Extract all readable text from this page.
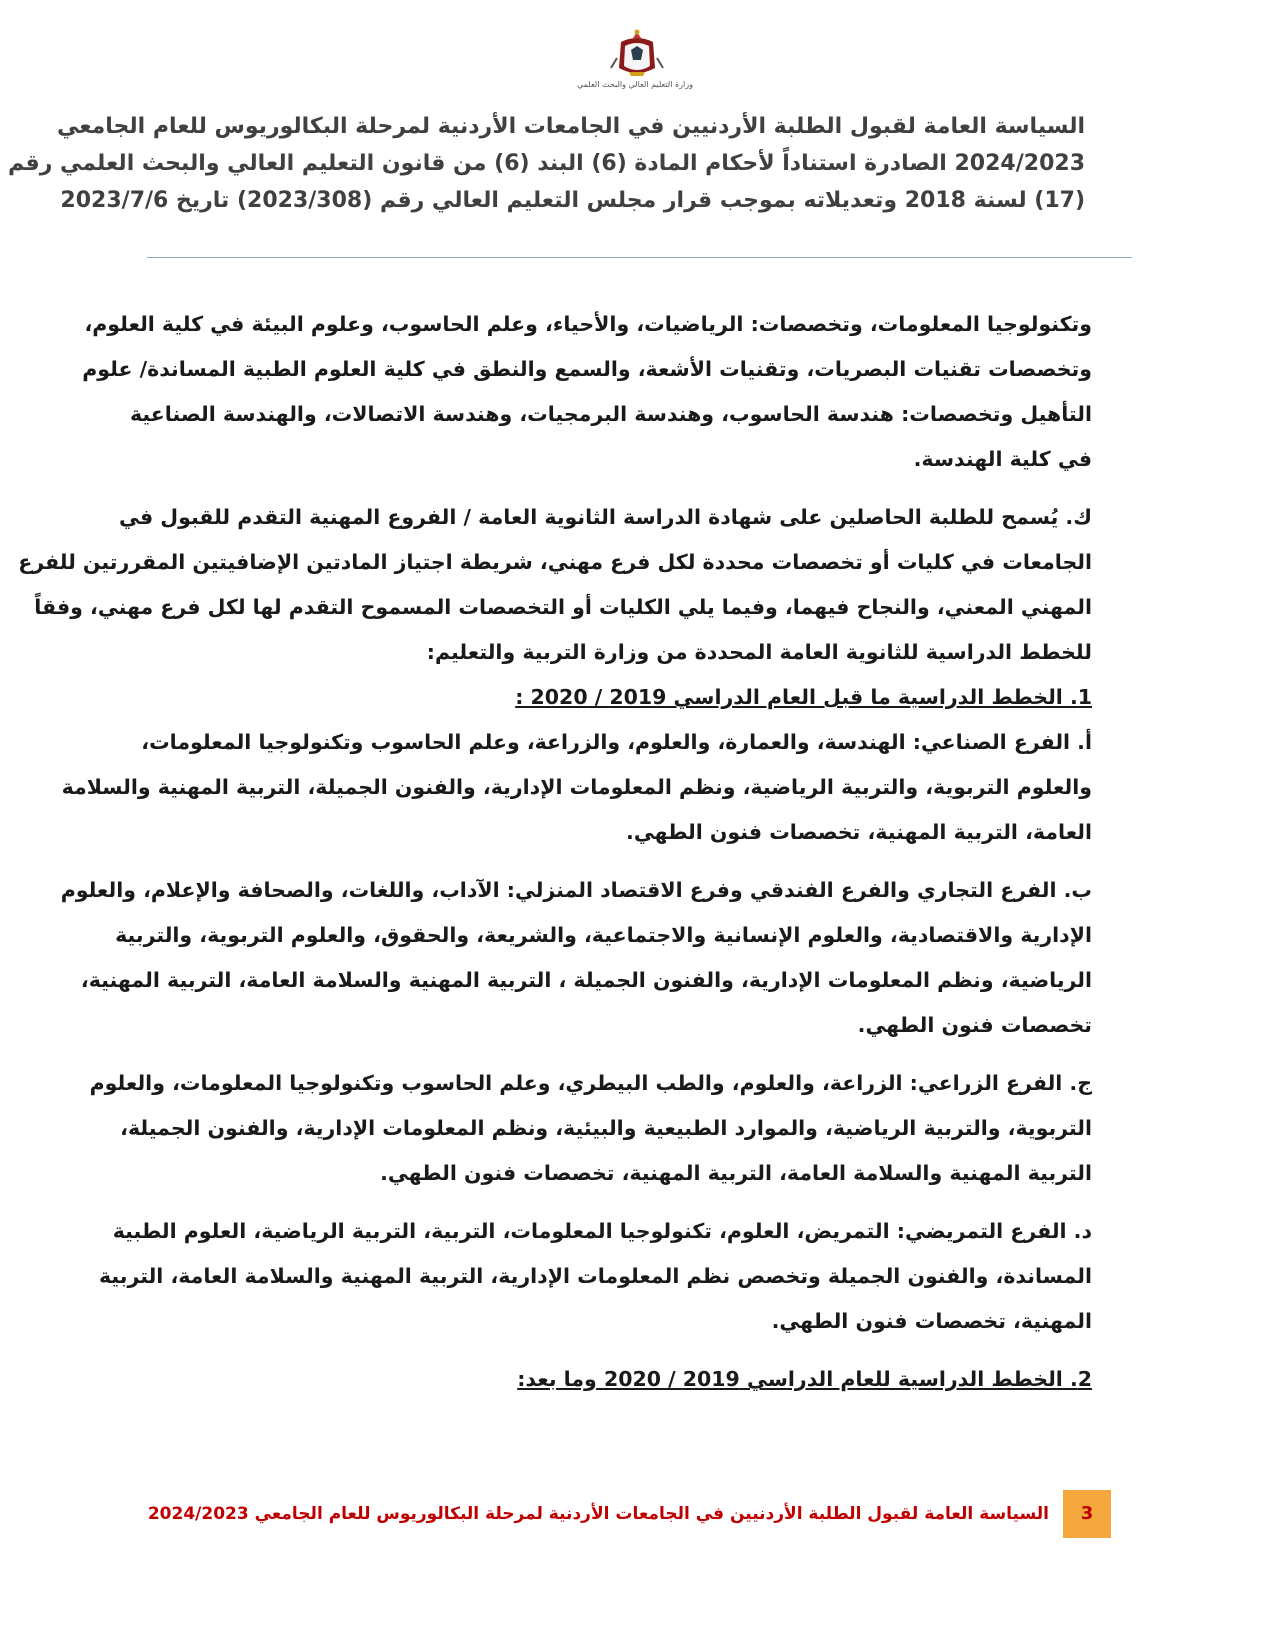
وزارة التعليم العالي والبحث العلمي
السياسة العامة لقبول الطلبة الأردنيين في الجامعات الأردنية لمرحلة البكالوريوس للعام الجامعي
2024/2023 الصادرة استناداً لأحكام المادة (6) البند (6) من قانون التعليم العالي والبحث العلمي رقم
(17) لسنة 2018 وتعديلاته بموجب قرار مجلس التعليم العالي رقم (2023/308) تاريخ 2023/7/6

وتكنولوجيا المعلومات، وتخصصات: الرياضيات، والأحياء، وعلم الحاسوب، وعلوم البيئة في كلية العلوم،
وتخصصات تقنيات البصريات، وتقنيات الأشعة، والسمع والنطق في كلية العلوم الطبية المساندة/ علوم
التأهيل وتخصصات: هندسة الحاسوب، وهندسة البرمجيات، وهندسة الاتصالات، والهندسة الصناعية
في كلية الهندسة.

ك. يُسمح للطلبة الحاصلين على شهادة الدراسة الثانوية العامة / الفروع المهنية التقدم للقبول في
الجامعات في كليات أو تخصصات محددة لكل فرع مهني، شريطة اجتياز المادتين الإضافيتين المقررتين للفرع
المهني المعني، والنجاح فيهما، وفيما يلي الكليات أو التخصصات المسموح التقدم لها لكل فرع مهني، وفقاً
للخطط الدراسية للثانوية العامة المحددة من وزارة التربية والتعليم:
1. الخطط الدراسية ما قبل العام الدراسي 2019 / 2020 :

أ. الفرع الصناعي: الهندسة، والعمارة، والعلوم، والزراعة، وعلم الحاسوب وتكنولوجيا المعلومات،
والعلوم التربوية، والتربية الرياضية، ونظم المعلومات الإدارية، والفنون الجميلة، التربية المهنية والسلامة
العامة، التربية المهنية، تخصصات فنون الطهي.

ب. الفرع التجاري والفرع الفندقي وفرع الاقتصاد المنزلي: الآداب، واللغات، والصحافة والإعلام، والعلوم
الإدارية والاقتصادية، والعلوم الإنسانية والاجتماعية، والشريعة، والحقوق، والعلوم التربوية، والتربية
الرياضية، ونظم المعلومات الإدارية، والفنون الجميلة ، التربية المهنية والسلامة العامة، التربية المهنية،
تخصصات فنون الطهي.

ج. الفرع الزراعي: الزراعة، والعلوم، والطب البيطري، وعلم الحاسوب وتكنولوجيا المعلومات، والعلوم
التربوية، والتربية الرياضية، والموارد الطبيعية والبيئية، ونظم المعلومات الإدارية، والفنون الجميلة،
التربية المهنية والسلامة العامة، التربية المهنية، تخصصات فنون الطهي.

د. الفرع التمريضي: التمريض، العلوم، تكنولوجيا المعلومات، التربية، التربية الرياضية، العلوم الطبية
المساندة، والفنون الجميلة وتخصص نظم المعلومات الإدارية، التربية المهنية والسلامة العامة، التربية
المهنية، تخصصات فنون الطهي.

2. الخطط الدراسية للعام الدراسي 2019 / 2020 وما بعد:

3
السياسة العامة لقبول الطلبة الأردنيين في الجامعات الأردنية لمرحلة البكالوريوس للعام الجامعي 2024/2023
